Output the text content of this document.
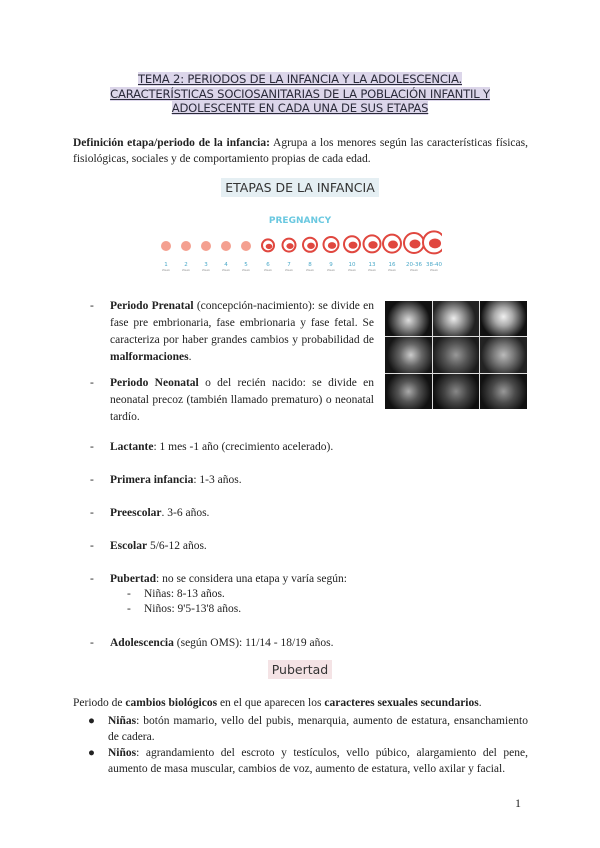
TEMA 2: PERIODOS DE LA INFANCIA Y LA ADOLESCENCIA.
CARACTERÍSTICAS SOCIOSANITARIAS DE LA POBLACIÓN INFANTIL Y
ADOLESCENTE EN CADA UNA DE SUS ETAPAS
Definición etapa/periodo de la infancia: Agrupa a los menores según las características físicas, fisiológicas, sociales y de comportamiento propias de cada edad.
ETAPAS DE LA INFANCIA
PREGNANCY
1
Week
2
Week
3
Week
4
Week
5
Week
6
Week
7
Week
8
Week
9
Week
10
Week
13
Week
16
Week
20-36
Week
38-40
Week
- Periodo Prenatal (concepción-nacimiento): se divide en fase pre embrionaria, fase embrionaria y fase fetal. Se caracteriza por haber grandes cambios y probabilidad de malformaciones.
- Periodo Neonatal o del recién nacido: se divide en neonatal precoz (también llamado prematuro) o neonatal tardío.
- Lactante: 1 mes -1 año (crecimiento acelerado).
- Primera infancia: 1-3 años.
- Preescolar. 3-6 años.
- Escolar 5/6-12 años.
- Pubertad: no se considera una etapa y varía según:
- Niñas: 8-13 años.
- Niños: 9'5-13'8 años.
- Adolescencia (según OMS): 11/14 - 18/19 años.
Pubertad
Periodo de cambios biológicos en el que aparecen los caracteres sexuales secundarios.
● Niñas: botón mamario, vello del pubis, menarquia, aumento de estatura, ensanchamiento de cadera.
● Niños: agrandamiento del escroto y testículos, vello púbico, alargamiento del pene, aumento de masa muscular, cambios de voz, aumento de estatura, vello axilar y facial.
1
